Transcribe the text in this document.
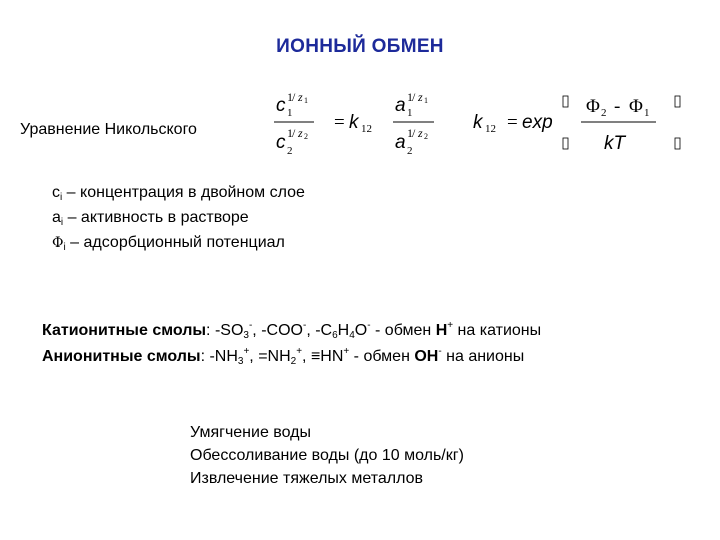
ИОННЫЙ ОБМЕН
Уравнение Никольского
c 1
1 / z 1
c 2
1 / z 2
= k 12
a 1
1 / z 1
a 2
1 / z 2
k 12 = exp
Φ 2 - Φ 1
kT
$c_i$ – концентрация в двойном слое
$a_i$ – активность в растворе
$\Phi_i$ – адсорбционный потенциал
Катионитные смолы: $-SO_3^-$, -COO-, $-C_6H_4O^-$ - обмен H+ на катионы
Анионитные смолы: $-NH_3^+$, $=NH_2^+$, ≡HN+ - обмен OH- на анионы
Умягчение воды
Обессоливание воды (до 10 моль/кг)
Извлечение тяжелых металлов
